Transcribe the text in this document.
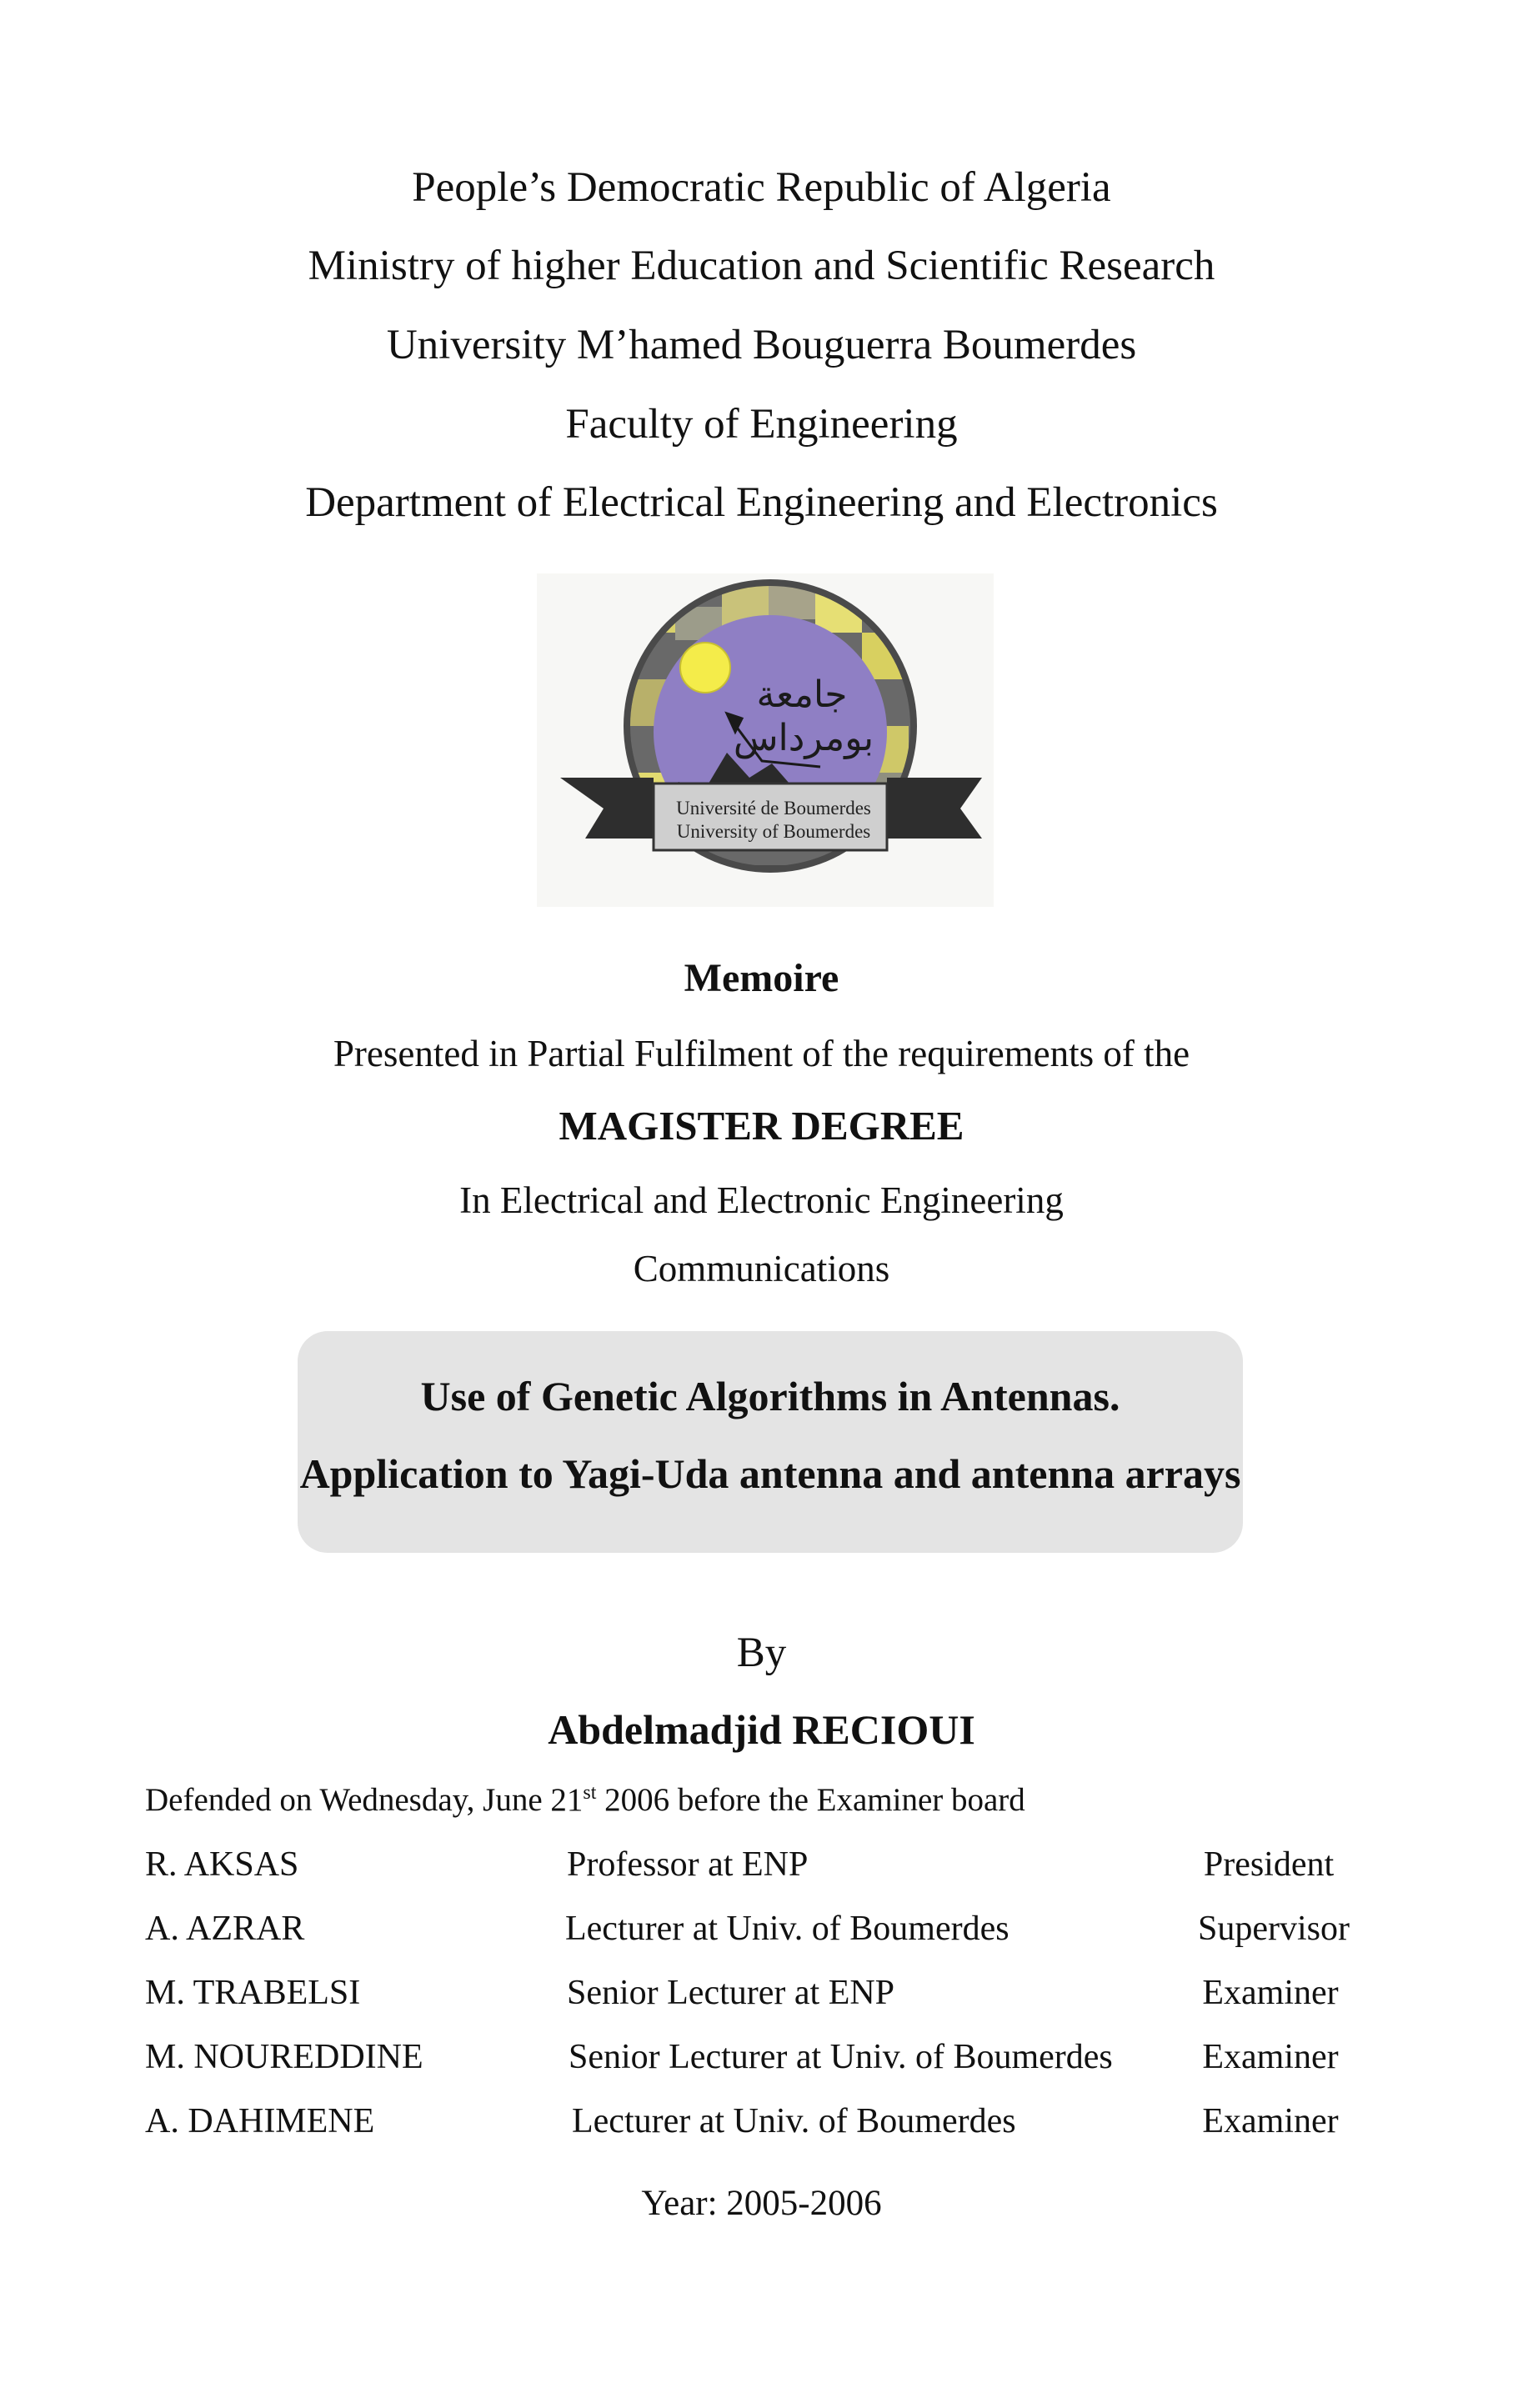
People’s Democratic Republic of Algeria
Ministry of higher Education and Scientific Research
University M’hamed Bouguerra Boumerdes
Faculty of Engineering
Department of Electrical Engineering and Electronics
جامعة
بومرداس
Université de Boumerdes
University of Boumerdes
Memoire
Presented in Partial Fulfilment of the requirements of the
MAGISTER DEGREE
In Electrical and Electronic Engineering
Communications
Use of Genetic Algorithms in Antennas.
Application to Yagi-Uda antenna and antenna arrays
By
Abdelmadjid RECIOUI
Defended on Wednesday, June 21st 2006 before the Examiner board
R. AKSAS	Professor at ENP	President
A. AZRAR	Lecturer at Univ. of Boumerdes	Supervisor
M. TRABELSI	Senior Lecturer at ENP	Examiner
M. NOUREDDINE	Senior Lecturer at Univ. of Boumerdes	Examiner
A. DAHIMENE	Lecturer at Univ. of Boumerdes	Examiner
Year: 2005-2006
